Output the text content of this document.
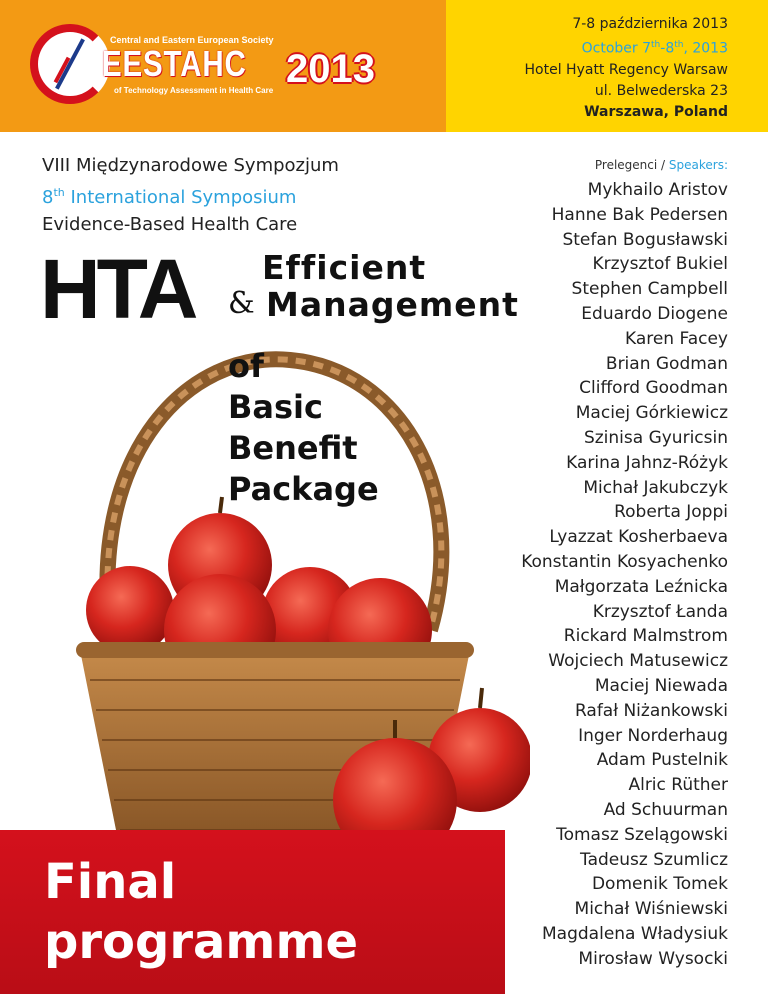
Central and Eastern European Society
EESTAHC
of Technology Assessment in Health Care 2013
7-8 października 2013
October 7th-8th, 2013
Hotel Hyatt Regency Warsaw
ul. Belwederska 23
Warszawa, Poland
VIII Międzynarodowe Sympozjum
8th International Symposium
Evidence-Based Health Care
HTA &
Efficient
Management
of
Basic
Benefit
Package
Final
programme
Prelegenci / Speakers:
Mykhailo Aristov
Hanne Bak Pedersen
Stefan Bogusławski
Krzysztof Bukiel
Stephen Campbell
Eduardo Diogene
Karen Facey
Brian Godman
Clifford Goodman
Maciej Górkiewicz
Szinisa Gyuricsin
Karina Jahnz-Różyk
Michał Jakubczyk
Roberta Joppi
Lyazzat Kosherbaeva
Konstantin Kosyachenko
Małgorzata Leźnicka
Krzysztof Łanda
Rickard Malmstrom
Wojciech Matusewicz
Maciej Niewada
Rafał Niżankowski
Inger Norderhaug
Adam Pustelnik
Alric Rüther
Ad Schuurman
Tomasz Szelągowski
Tadeusz Szumlicz
Domenik Tomek
Michał Wiśniewski
Magdalena Władysiuk
Mirosław Wysocki
